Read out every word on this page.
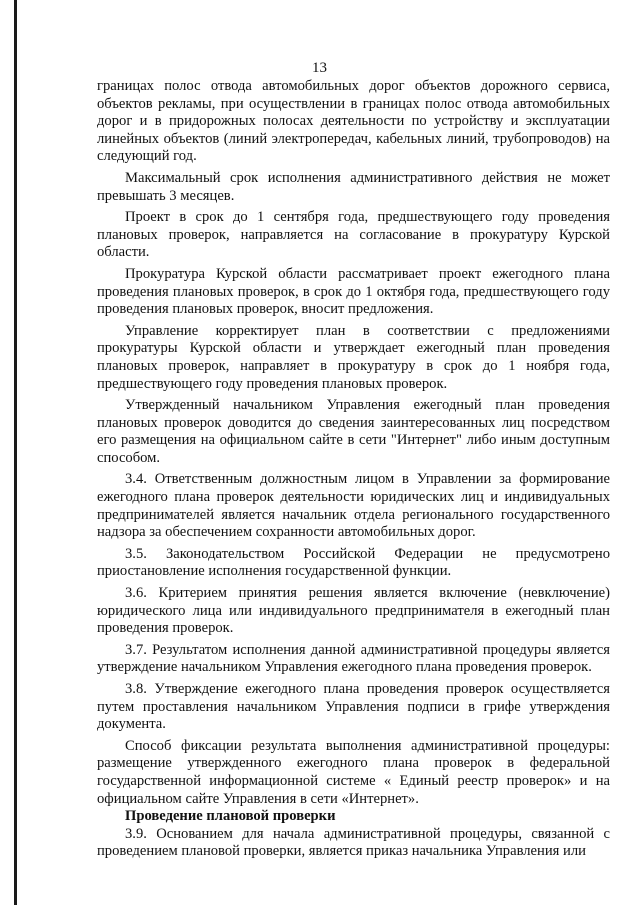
13

границах полос отвода автомобильных дорог объектов дорожного сервиса, объектов рекламы, при осуществлении в границах полос отвода автомобильных дорог и в придорожных полосах деятельности по устройству и эксплуатации линейных объектов (линий электропередач, кабельных линий, трубопроводов) на следующий год.

Максимальный срок исполнения административного действия не может превышать 3 месяцев.

Проект в срок до 1 сентября года, предшествующего году проведения плановых проверок, направляется на согласование в прокуратуру Курской области.

Прокуратура Курской области рассматривает проект ежегодного плана проведения плановых проверок, в срок до 1 октября года, предшествующего году проведения плановых проверок, вносит предложения.

Управление корректирует план в соответствии с предложениями прокуратуры Курской области и утверждает ежегодный план проведения плановых проверок, направляет в прокуратуру в срок до 1 ноября года, предшествующего году проведения плановых проверок.

Утвержденный начальником Управления ежегодный план проведения плановых проверок доводится до сведения заинтересованных лиц посредством его размещения на официальном сайте в сети "Интернет" либо иным доступным способом.

3.4. Ответственным должностным лицом в Управлении за формирование ежегодного плана проверок деятельности юридических лиц и индивидуальных предпринимателей является начальник отдела регионального государственного надзора за обеспечением сохранности автомобильных дорог.

3.5. Законодательством Российской Федерации не предусмотрено приостановление исполнения государственной функции.

3.6. Критерием принятия решения является включение (невключение) юридического лица или индивидуального предпринимателя в ежегодный план проведения проверок.

3.7. Результатом исполнения данной административной процедуры является утверждение начальником Управления ежегодного плана проведения проверок.

3.8. Утверждение ежегодного плана проведения проверок осуществляется путем проставления начальником Управления подписи в грифе утверждения документа.

Способ фиксации результата выполнения административной процедуры: размещение утвержденного ежегодного плана проверок в федеральной государственной информационной системе « Единый реестр проверок» и на официальном сайте Управления в сети «Интернет».

Проведение плановой проверки

3.9. Основанием для начала административной процедуры, связанной с проведением плановой проверки, является приказ начальника Управления или
